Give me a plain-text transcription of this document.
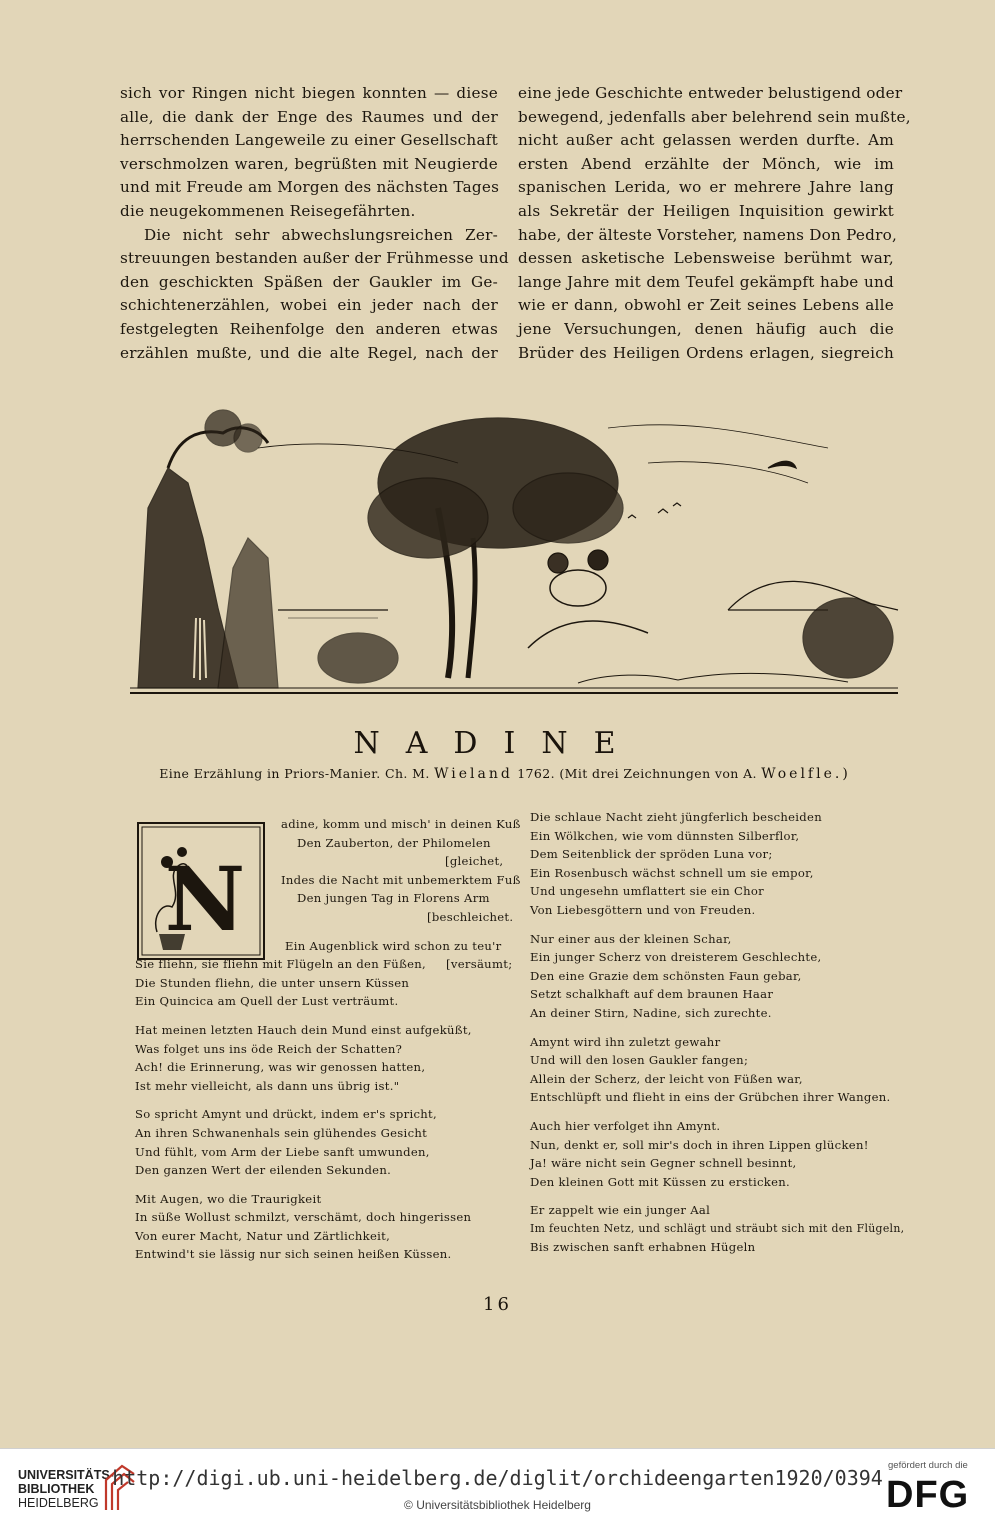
sich vor Ringen nicht biegen konnten — diese
alle, die dank der Enge des Raumes und der
herrschenden Langeweile zu einer Gesellschaft
verschmolzen waren, begrüßten mit Neugierde
und mit Freude am Morgen des nächsten Tages
die neugekommenen Reisegefährten.
Die nicht sehr abwechslungsreichen Zer-
streuungen bestanden außer der Frühmesse und
den geschickten Späßen der Gaukler im Ge-
schichtenerzählen, wobei ein jeder nach der
festgelegten Reihenfolge den anderen etwas
erzählen mußte, und die alte Regel, nach der
eine jede Geschichte entweder belustigend oder
bewegend, jedenfalls aber belehrend sein mußte,
nicht außer acht gelassen werden durfte. Am
ersten Abend erzählte der Mönch, wie im
spanischen Lerida, wo er mehrere Jahre lang
als Sekretär der Heiligen Inquisition gewirkt
habe, der älteste Vorsteher, namens Don Pedro,
dessen asketische Lebensweise berühmt war,
lange Jahre mit dem Teufel gekämpft habe und
wie er dann, obwohl er Zeit seines Lebens alle
jene Versuchungen, denen häufig auch die
Brüder des Heiligen Ordens erlagen, siegreich
NADINE
Eine Erzählung in Priors-Manier. Ch. M. Wieland 1762. (Mit drei Zeichnungen von A. Woelfle.)
N
adine, komm und misch' in deinen Kuß
Den Zauberton, der Philomelen
[gleichet,
Indes die Nacht mit unbemerktem Fuß
Den jungen Tag in Florens Arm
[beschleichet.
Ein Augenblick wird schon zu teu'r
Sie fliehn, sie fliehn mit Flügeln an den Füßen, [versäumt;
Die Stunden fliehn, die unter unsern Küssen
Ein Quincica am Quell der Lust verträumt.
Hat meinen letzten Hauch dein Mund einst aufgeküßt,
Was folget uns ins öde Reich der Schatten?
Ach! die Erinnerung, was wir genossen hatten,
Ist mehr vielleicht, als dann uns übrig ist."
So spricht Amynt und drückt, indem er's spricht,
An ihren Schwanenhals sein glühendes Gesicht
Und fühlt, vom Arm der Liebe sanft umwunden,
Den ganzen Wert der eilenden Sekunden.
Mit Augen, wo die Traurigkeit
In süße Wollust schmilzt, verschämt, doch hingerissen
Von eurer Macht, Natur und Zärtlichkeit,
Entwind't sie lässig nur sich seinen heißen Küssen.
Die schlaue Nacht zieht jüngferlich bescheiden
Ein Wölkchen, wie vom dünnsten Silberflor,
Dem Seitenblick der spröden Luna vor;
Ein Rosenbusch wächst schnell um sie empor,
Und ungesehn umflattert sie ein Chor
Von Liebesgöttern und von Freuden.
Nur einer aus der kleinen Schar,
Ein junger Scherz von dreisterem Geschlechte,
Den eine Grazie dem schönsten Faun gebar,
Setzt schalkhaft auf dem braunen Haar
An deiner Stirn, Nadine, sich zurechte.
Amynt wird ihn zuletzt gewahr
Und will den losen Gaukler fangen;
Allein der Scherz, der leicht von Füßen war,
Entschlüpft und flieht in eins der Grübchen ihrer Wangen.
Auch hier verfolget ihn Amynt.
Nun, denkt er, soll mir's doch in ihren Lippen glücken!
Ja! wäre nicht sein Gegner schnell besinnt,
Den kleinen Gott mit Küssen zu ersticken.
Er zappelt wie ein junger Aal
Im feuchten Netz, und schlägt und sträubt sich mit den Flügeln,
Bis zwischen sanft erhabnen Hügeln
16
UNIVERSITÄTS-
BIBLIOTHEK
HEIDELBERG
http://digi.ub.uni-heidelberg.de/diglit/orchideengarten1920/0394
© Universitätsbibliothek Heidelberg
gefördert durch die
DFG
